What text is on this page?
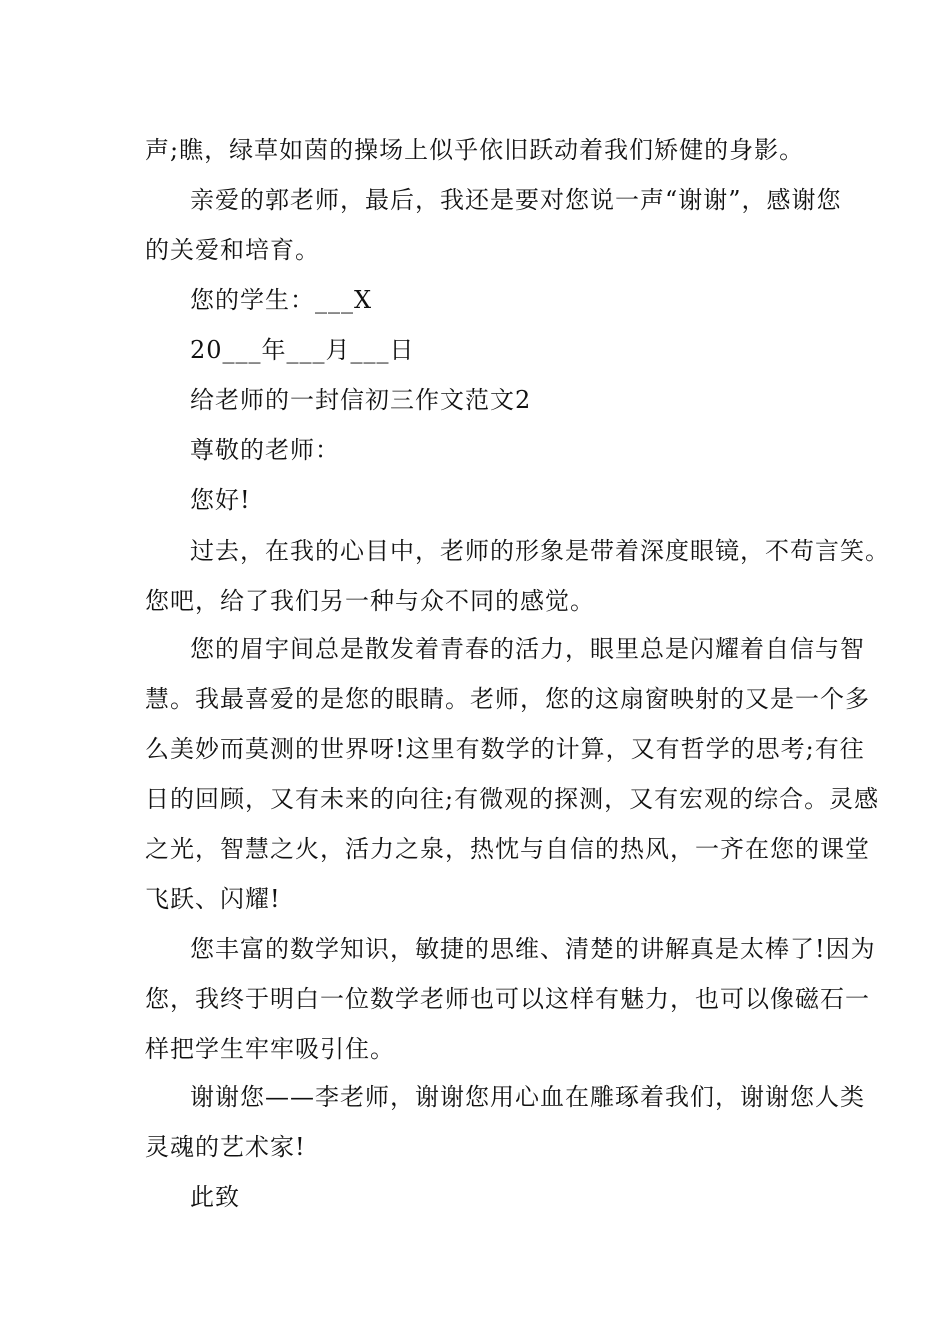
声;瞧，绿草如茵的操场上似乎依旧跃动着我们矫健的身影。
亲爱的郭老师，最后，我还是要对您说一声“谢谢”，感谢您
的关爱和培育。
您的学生：___X
20___年___月___日
给老师的一封信初三作文范文2
尊敬的老师：
您好!
过去，在我的心目中，老师的形象是带着深度眼镜，不苟言笑。
您吧，给了我们另一种与众不同的感觉。
您的眉宇间总是散发着青春的活力，眼里总是闪耀着自信与智
慧。我最喜爱的是您的眼睛。老师，您的这扇窗映射的又是一个多
么美妙而莫测的世界呀!这里有数学的计算，又有哲学的思考;有往
日的回顾，又有未来的向往;有微观的探测，又有宏观的综合。灵感
之光，智慧之火，活力之泉，热忱与自信的热风，一齐在您的课堂
飞跃、闪耀!
您丰富的数学知识，敏捷的思维、清楚的讲解真是太棒了!因为
您，我终于明白一位数学老师也可以这样有魅力，也可以像磁石一
样把学生牢牢吸引住。
谢谢您——李老师，谢谢您用心血在雕琢着我们，谢谢您人类
灵魂的艺术家!
此致
